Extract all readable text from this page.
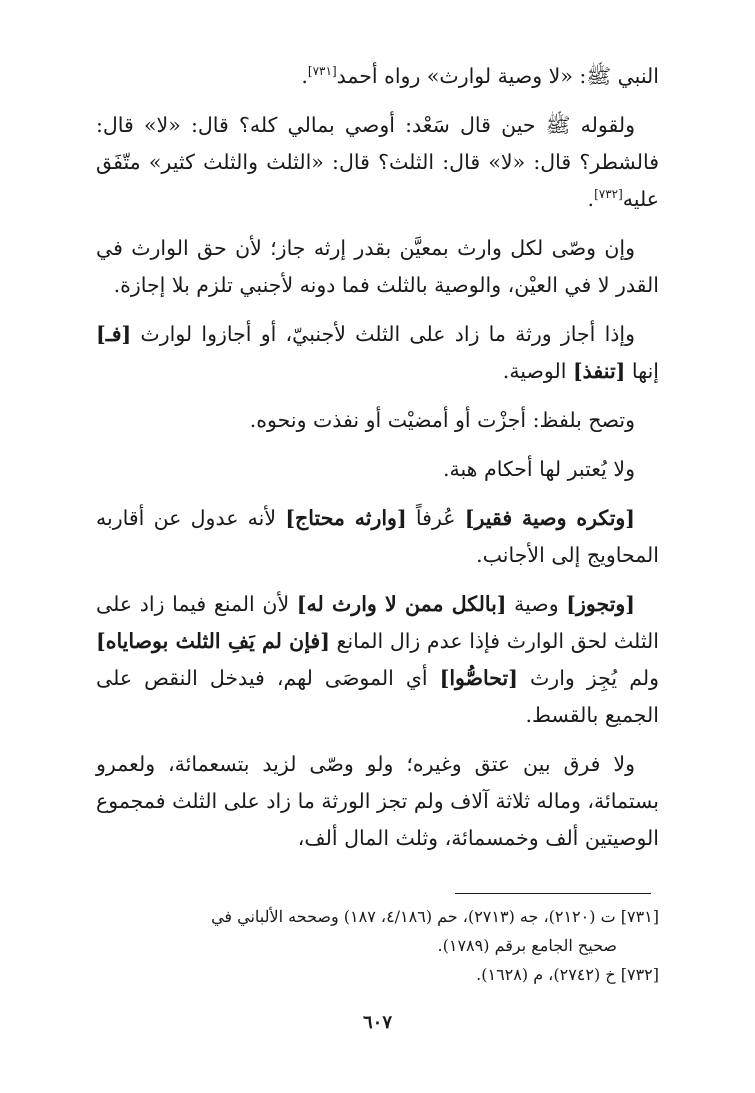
النبي ﷺ: «لا وصية لوارث» رواه أحمد[٧٣١].

ولقوله ﷺ حين قال سَعْد: أوصي بمالي كله؟ قال: «لا» قال: فالشطر؟ قال: «لا» قال: الثلث؟ قال: «الثلث والثلث كثير» متّفَق عليه[٧٣٢].

وإن وصّى لكل وارث بمعيَّن بقدر إرثه جاز؛ لأن حق الوارث في القدر لا في العيْن، والوصية بالثلث فما دونه لأجنبي تلزم بلا إجازة.

وإذا أجاز ورثة ما زاد على الثلث لأجنبيّ، أو أجازوا لوارث [فـ] إنها [تنفذ] الوصية.

وتصح بلفظ: أجزْت أو أمضيْت أو نفذت ونحوه.

ولا يُعتبر لها أحكام هبة.

[وتكره وصية فقير] عُرفاً [وارثه محتاج] لأنه عدول عن أقاربه المحاويج إلى الأجانب.

[وتجوز] وصية [بالكل ممن لا وارث له] لأن المنع فيما زاد على الثلث لحق الوارث فإذا عدم زال المانع [فإن لم يَفِ الثلث بوصاياه] ولم يُجِز وارث [تحاصُّوا] أي الموصَى لهم، فيدخل النقص على الجميع بالقسط.

ولا فرق بين عتق وغيره؛ ولو وصّى لزيد بتسعمائة، ولعمرو بستمائة، وماله ثلاثة آلاف ولم تجز الورثة ما زاد على الثلث فمجموع الوصيتين ألف وخمسمائة، وثلث المال ألف،

[٧٣١] ت (٢١٢٠)، جه (٢٧١٣)، حم (٤/١٨٦، ١٨٧) وصححه الألباني في
صحيح الجامع برقم (١٧٨٩).

[٧٣٢] خ (٢٧٤٢)، م (١٦٢٨).

٦٠٧
